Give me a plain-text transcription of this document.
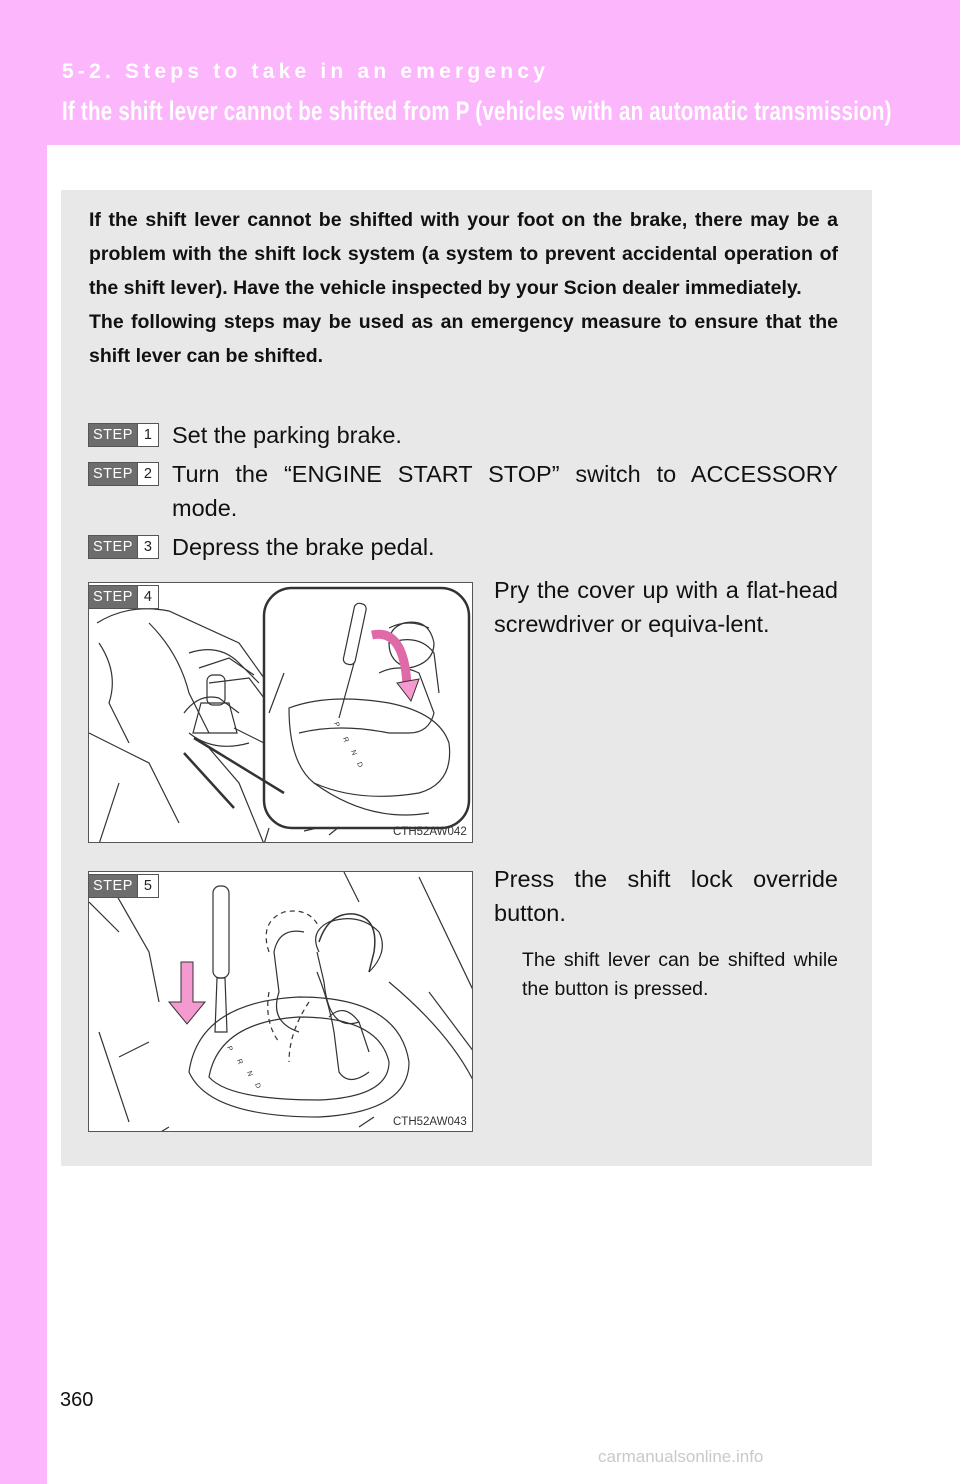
5-2. Steps to take in an emergency
If the shift lever cannot be shifted from P (vehicles with an automatic transmission)

If the shift lever cannot be shifted with your foot on the brake, there may be a problem with the shift lock system (a system to prevent accidental operation of the shift lever). Have the vehicle inspected by your Scion dealer immediately.

The following steps may be used as an emergency measure to ensure that the shift lever can be shifted.

STEP 1 Set the parking brake.
STEP 2 Turn the “ENGINE START STOP” switch to ACCESSORY mode.
STEP 3 Depress the brake pedal.
P
R
N
D
STEP 4
CTH52AW042
Pry the cover up with a flat-head screwdriver or equiva-lent.
P
R
N
D
STEP 5
CTH52AW043
Press the shift lock override button.
The shift lever can be shifted while the button is pressed.
360
carmanualsonline.info
